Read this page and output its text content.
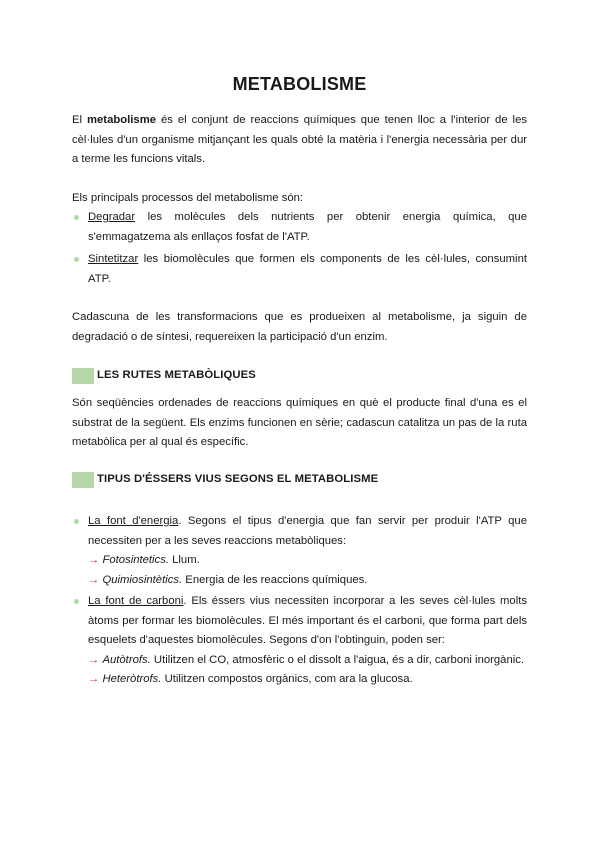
METABOLISME

El metabolisme és el conjunt de reaccions químiques que tenen lloc a l'interior de les cèl·lules d'un organisme mitjançant les quals obté la matèria i l'energia necessària per dur a terme les funcions vitals.

Els principals processos del metabolisme són:

Degradar les molècules dels nutrients per obtenir energia química, que s'emmagatzema als enllaços fosfat de l'ATP.
Sintetitzar les biomolècules que formen els components de les cèl·lules, consumint ATP.

Cadascuna de les transformacions que es produeixen al metabolisme, ja siguin de degradació o de síntesi, requereixen la participació d'un enzim.

LES RUTES METABÒLIQUES

Són seqüències ordenades de reaccions químiques en què el producte final d'una es el substrat de la següent. Els enzims funcionen en sèrie; cadascun catalitza un pas de la ruta metabòlica per al qual és específic.

TIPUS D'ÉSSERS VIUS SEGONS EL METABOLISME
La font d'energia. Segons el tipus d'energia que fan servir per produir l'ATP que necessiten per a les seves reaccions metabòliques:
→ Fotosintetics. Llum.
→ Quimiosintètics. Energia de les reaccions químiques.
La font de carboni. Els éssers vius necessiten incorporar a les seves cèl·lules molts àtoms per formar les biomolècules. El més important és el carboni, que forma part dels esquelets d'aquestes biomolècules. Segons d'on l'obtinguin, poden ser:
→ Autòtrofs. Utilitzen el CO, atmosfèric o el dissolt a l'aigua, és a dir, carboni inorgànic.
→ Heteròtrofs. Utilitzen compostos orgànics, com ara la glucosa.
